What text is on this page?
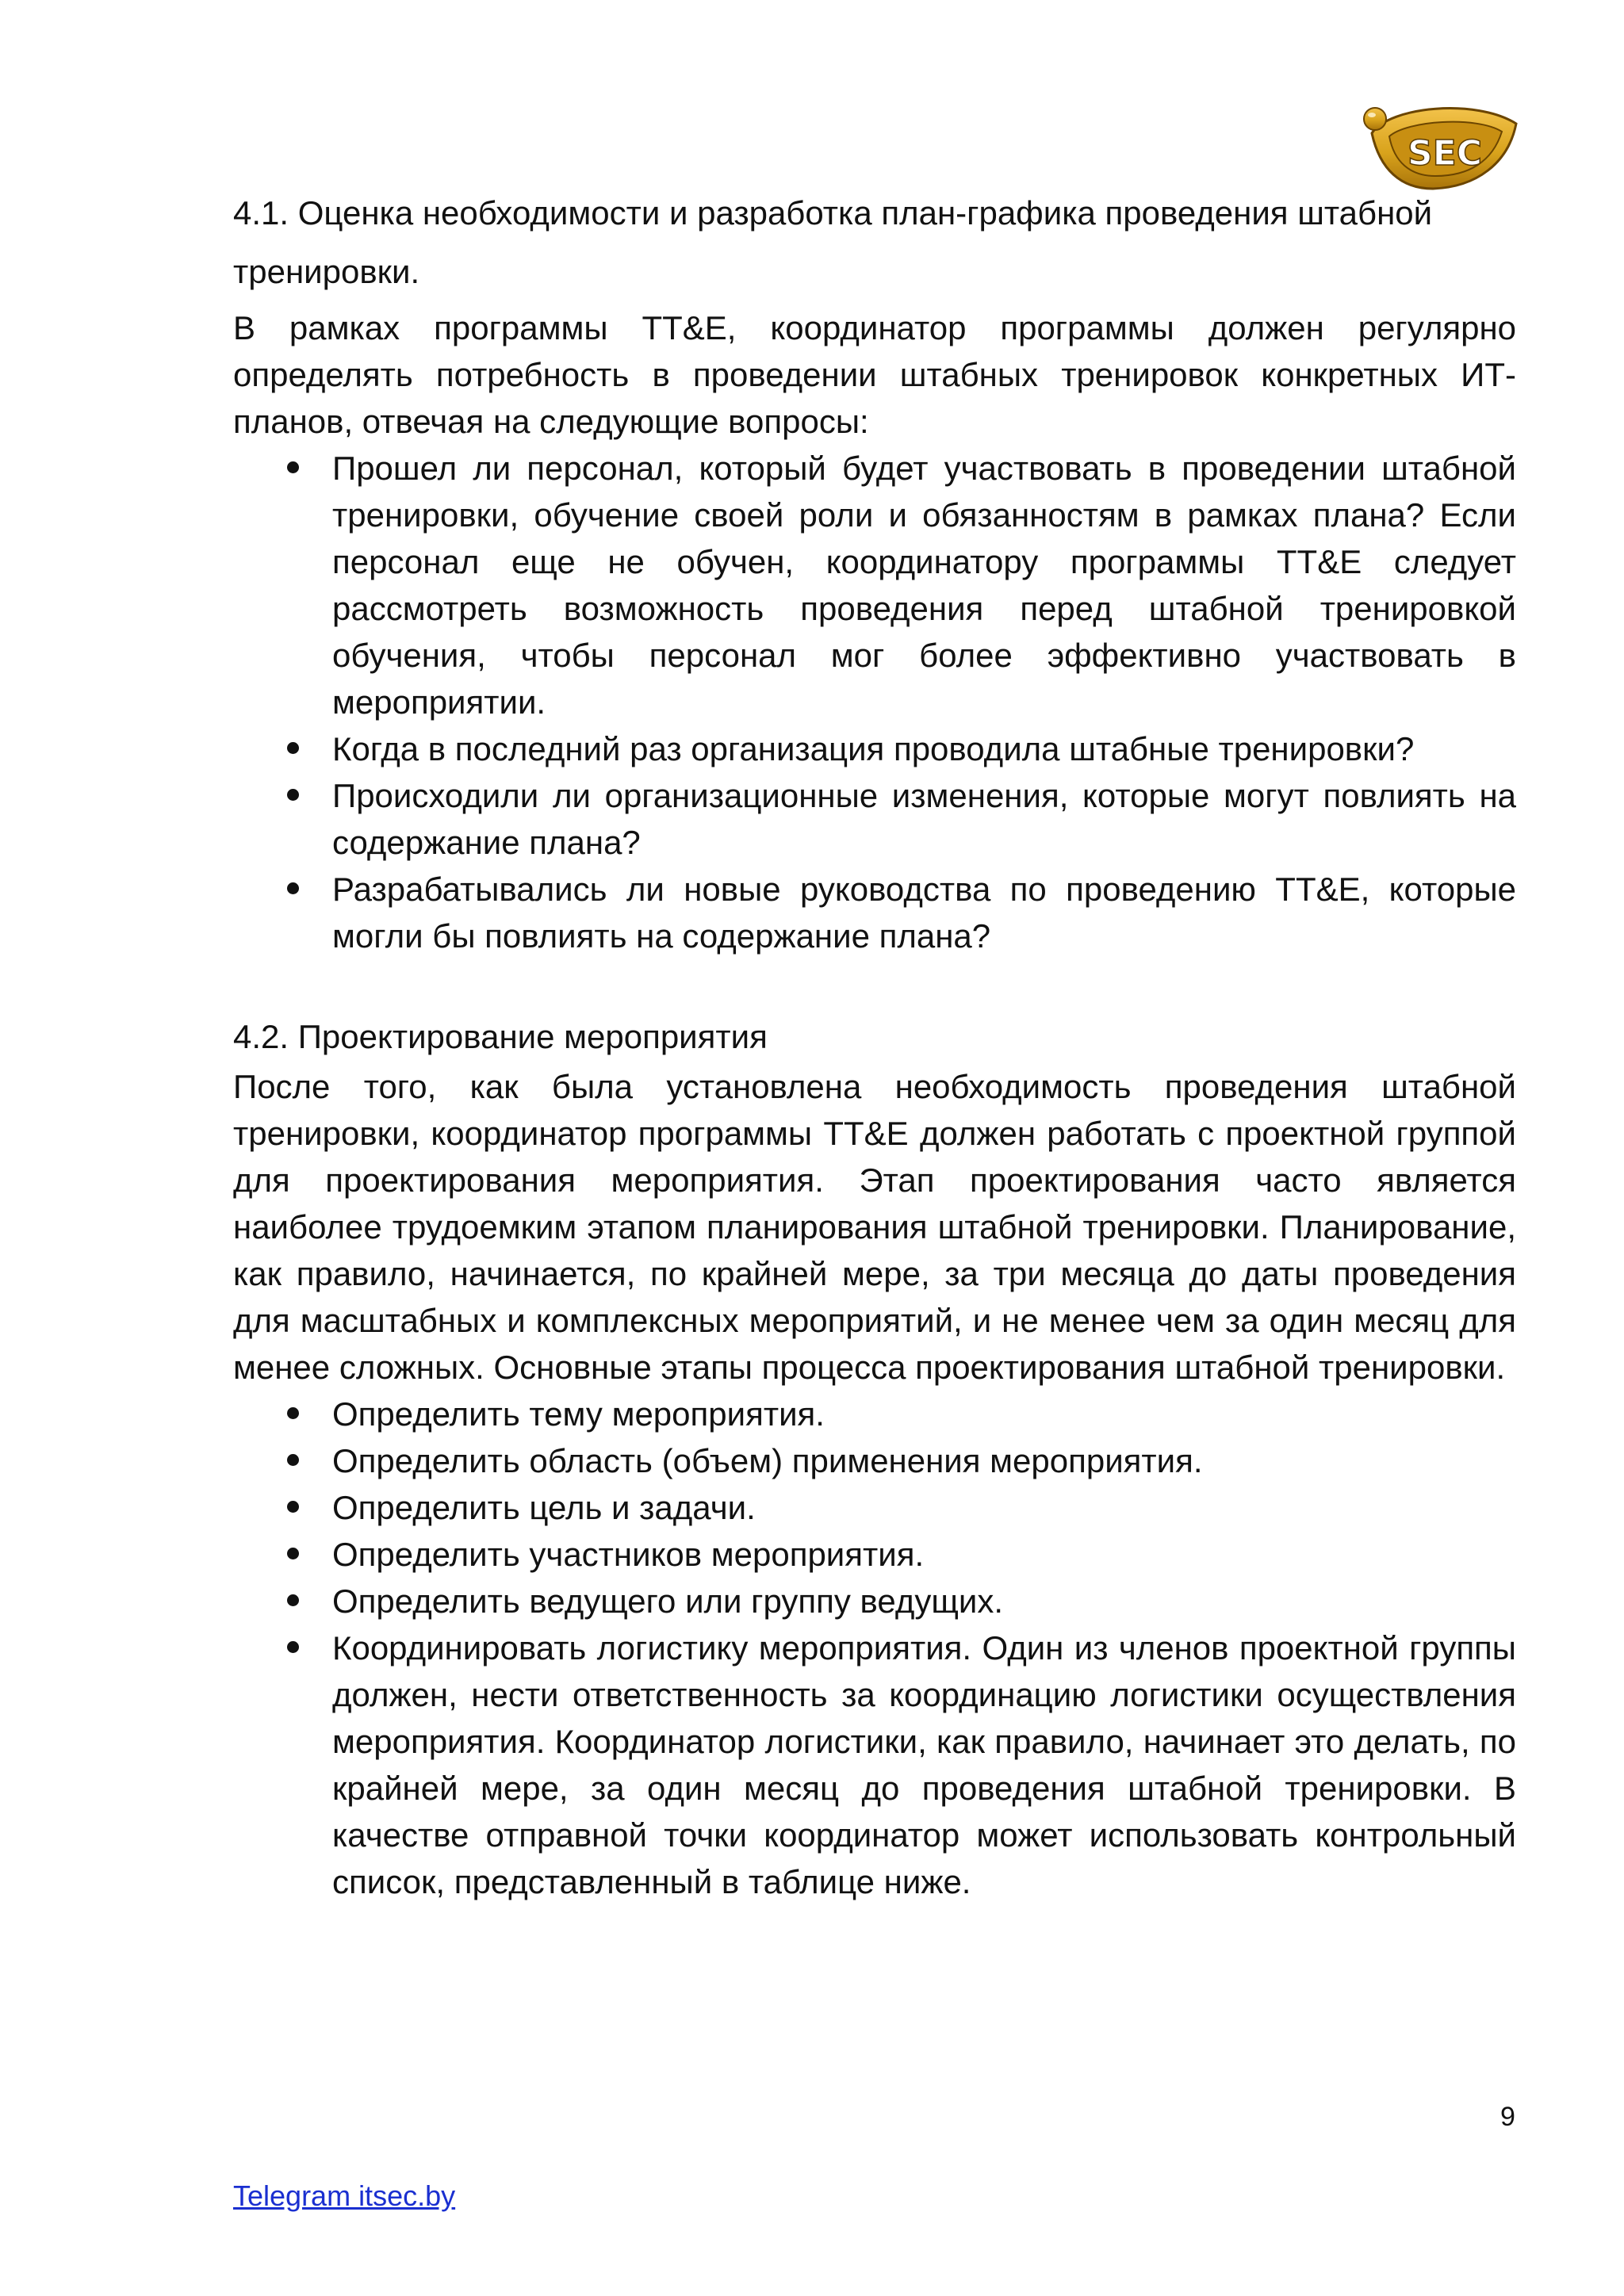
SEC
4.1. Оценка необходимости и разработка план-графика проведения штабной тренировки.

В рамках программы TT&E, координатор программы должен регулярно определять потребность в проведении штабных тренировок конкретных ИТ-планов, отвечая на следующие вопросы:

Прошел ли персонал, который будет участвовать в проведении штабной тренировки, обучение своей роли и обязанностям в рамках плана? Если персонал еще не обучен, координатору программы TT&E следует рассмотреть возможность проведения перед штабной тренировкой обучения, чтобы персонал мог более эффективно участвовать в мероприятии.
Когда в последний раз организация проводила штабные тренировки?
Происходили ли организационные изменения, которые могут повлиять на содержание плана?
Разрабатывались ли новые руководства по проведению TT&E, которые могли бы повлиять на содержание плана?
4.2. Проектирование мероприятия

После того, как была установлена необходимость проведения штабной тренировки, координатор программы TT&E должен работать с проектной группой для проектирования мероприятия. Этап проектирования часто является наиболее трудоемким этапом планирования штабной тренировки. Планирование, как правило, начинается, по крайней мере, за три месяца до даты проведения для масштабных и комплексных мероприятий, и не менее чем за один месяц для менее сложных. Основные этапы процесса проектирования штабной тренировки.

Определить тему мероприятия.
Определить область (объем) применения мероприятия.
Определить цель и задачи.
Определить участников мероприятия.
Определить ведущего или группу ведущих.
Координировать логистику мероприятия. Один из членов проектной группы должен, нести ответственность за координацию логистики осуществления мероприятия. Координатор логистики, как правило, начинает это делать, по крайней мере, за один месяц до проведения штабной тренировки. В качестве отправной точки координатор может использовать контрольный список, представленный в таблице ниже.
9
Telegram itsec.by
